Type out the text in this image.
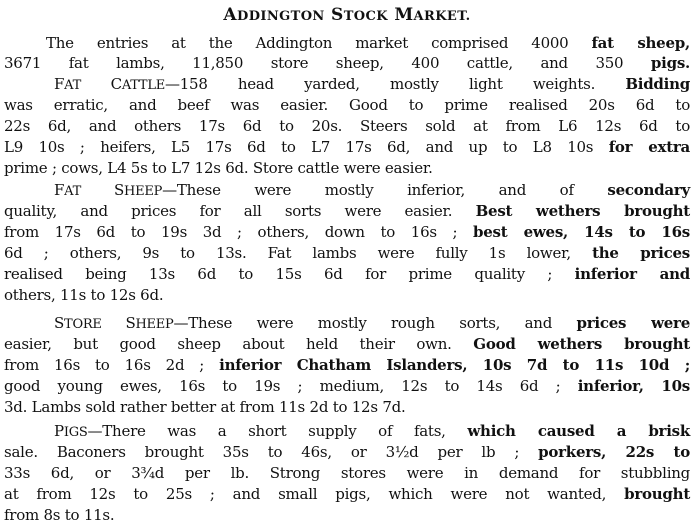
ADDINGTON STOCK MARKET.
The entries at the Addington market comprised 4000 fat sheep,
3671 fat lambs, 11,850 store sheep, 400 cattle, and 350 pigs.
FAT CATTLE—158 head yarded, mostly light weights. Bidding
was erratic, and beef was easier. Good to prime realised 20s 6d to
22s 6d, and others 17s 6d to 20s. Steers sold at from L6 12s 6d to
L9 10s ; heifers, L5 17s 6d to L7 17s 6d, and up to L8 10s for extra
prime ; cows, L4 5s to L7 12s 6d. Store cattle were easier.
FAT SHEEP—These were mostly inferior, and of secondary
quality, and prices for all sorts were easier. Best wethers brought
from 17s 6d to 19s 3d ; others, down to 16s ; best ewes, 14s to 16s
6d ; others, 9s to 13s. Fat lambs were fully 1s lower, the prices
realised being 13s 6d to 15s 6d for prime quality ; inferior and
others, 11s to 12s 6d.
STORE SHEEP—These were mostly rough sorts, and prices were
easier, but good sheep about held their own. Good wethers brought
from 16s to 16s 2d ; inferior Chatham Islanders, 10s 7d to 11s 10d ;
good young ewes, 16s to 19s ; medium, 12s to 14s 6d ; inferior, 10s
3d. Lambs sold rather better at from 11s 2d to 12s 7d.
PIGS—There was a short supply of fats, which caused a brisk
sale. Baconers brought 35s to 46s, or 3½d per lb ; porkers, 22s to
33s 6d, or 3¾d per lb. Strong stores were in demand for stubbling
at from 12s to 25s ; and small pigs, which were not wanted, brought
from 8s to 11s.
